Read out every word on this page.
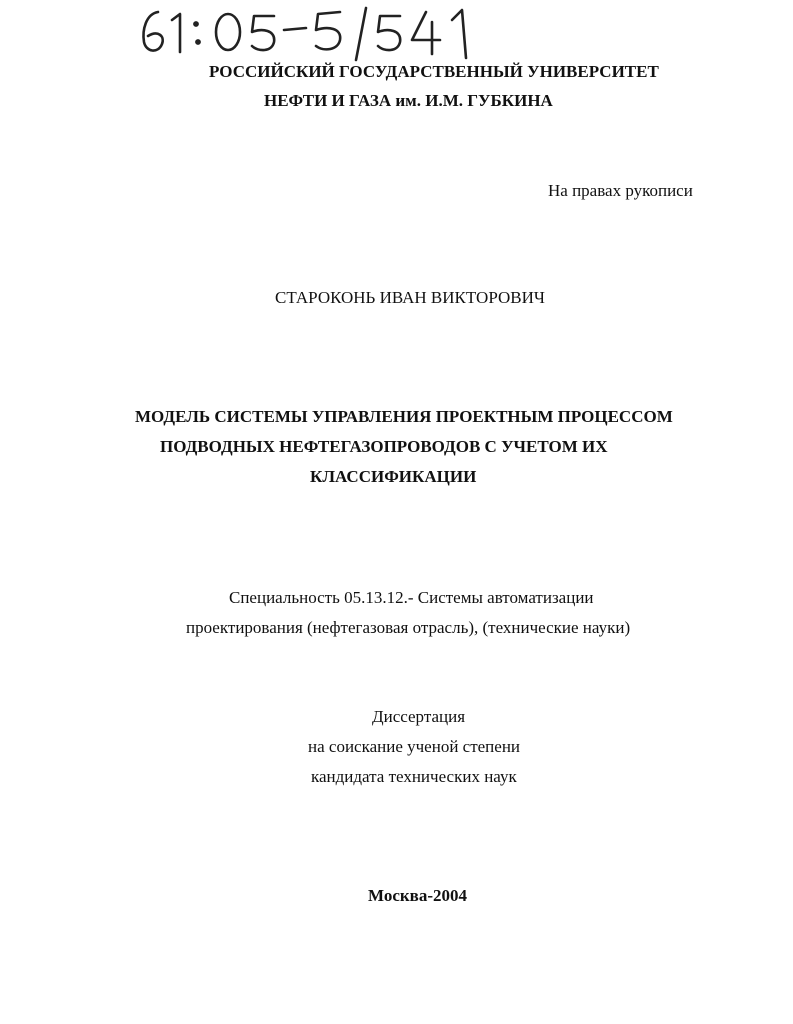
РОССИЙСКИЙ ГОСУДАРСТВЕННЫЙ УНИВЕРСИТЕТ
НЕФТИ И ГАЗА им. И.М. ГУБКИНА
На правах рукописи
СТАРОКОНЬ ИВАН ВИКТОРОВИЧ
МОДЕЛЬ СИСТЕМЫ УПРАВЛЕНИЯ ПРОЕКТНЫМ ПРОЦЕССОМ
ПОДВОДНЫХ НЕФТЕГАЗОПРОВОДОВ С УЧЕТОМ ИХ
КЛАССИФИКАЦИИ
Специальность 05.13.12.- Системы автоматизации
проектирования (нефтегазовая отрасль), (технические науки)
Диссертация
на соискание ученой степени
кандидата технических наук
Москва-2004
